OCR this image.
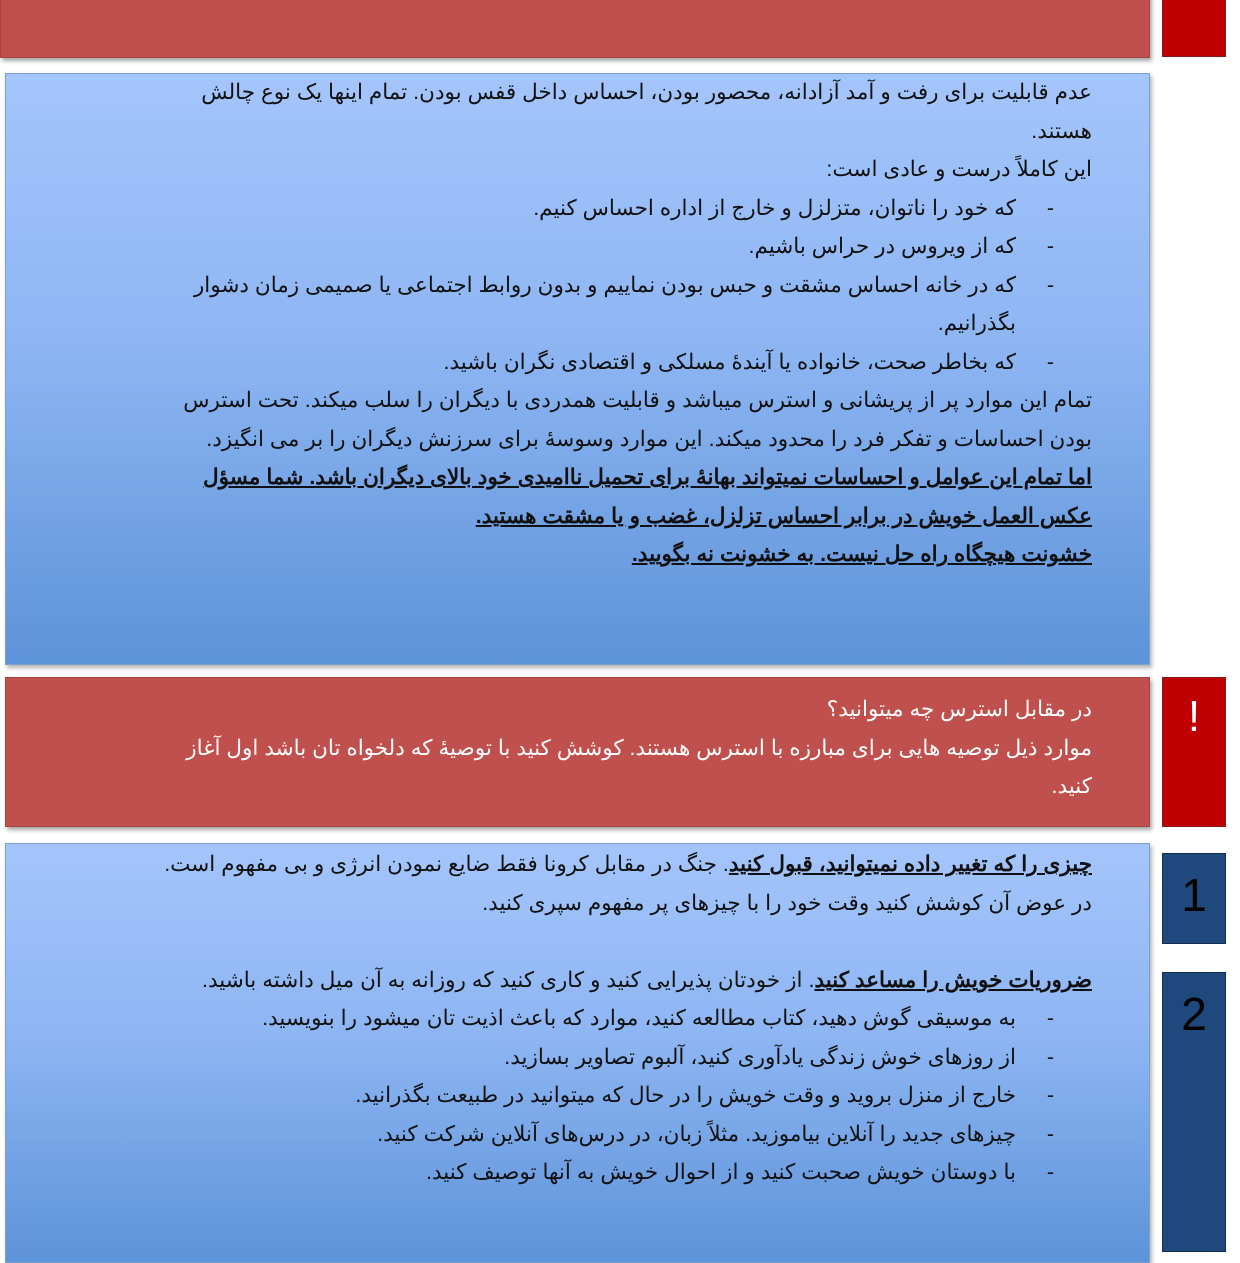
عدم قابلیت برای رفت و آمد آزادانه، محصور بودن، احساس داخل قفس بودن. تمام اینها یک نوع چالش هستند.

این کاملاً درست و عادی است:

- که خود را ناتوان، متزلزل و خارج از اداره احساس کنیم.
- که از ویروس در حراس باشیم.
- که در خانه احساس مشقت و حبس بودن نماییم و بدون روابط اجتماعی یا صمیمی زمان دشوار بگذرانیم.
- که بخاطر صحت، خانواده یا آیندهٔ مسلکی و اقتصادی نگران باشید.

تمام این موارد پر از پریشانی و استرس میباشد و قابلیت همدردی با دیگران را سلب میکند. تحت استرس بودن احساسات و تفکر فرد را محدود میکند. این موارد وسوسهٔ برای سرزنش دیگران را بر می انگیزد.

اما تمام این عوامل و احساسات نمیتواند بهانهٔ برای تحمیل ناامیدی خود بالای دیگران باشد. شما مسؤل عکس العمل خویش در برابر احساس تزلزل، غضب و یا مشقت هستید.

خشونت هیچگاه راه حل نیست. به خشونت نه بگویید.

در مقابل استرس چه میتوانید؟

موارد ذیل توصیه هایی برای مبارزه با استرس هستند. کوشش کنید با توصیهٔ که دلخواه تان باشد اول آغاز کنید.

!

چیزی را که تغییر داده نمیتوانید، قبول کنید. جنگ در مقابل کرونا فقط ضایع نمودن انرژی و بی مفهوم است. در عوض آن کوشش کنید وقت خود را با چیزهای پر مفهوم سپری کنید.

ضروریات خویش را مساعد کنید. از خودتان پذیرایی کنید و کاری کنید که روزانه به آن میل داشته باشید.

- به موسیقی گوش دهید، کتاب مطالعه کنید، موارد که باعث اذیت تان میشود را بنویسید.
- از روزهای خوش زندگی یادآوری کنید، آلبوم تصاویر بسازید.
- خارج از منزل بروید و وقت خویش را در حال که میتوانید در طبیعت بگذرانید.
- چیزهای جدید را آنلاین بیاموزید. مثلاً زبان، در درس‌های آنلاین شرکت کنید.
- با دوستان خویش صحبت کنید و از احوال خویش به آنها توصیف کنید.
1
2
